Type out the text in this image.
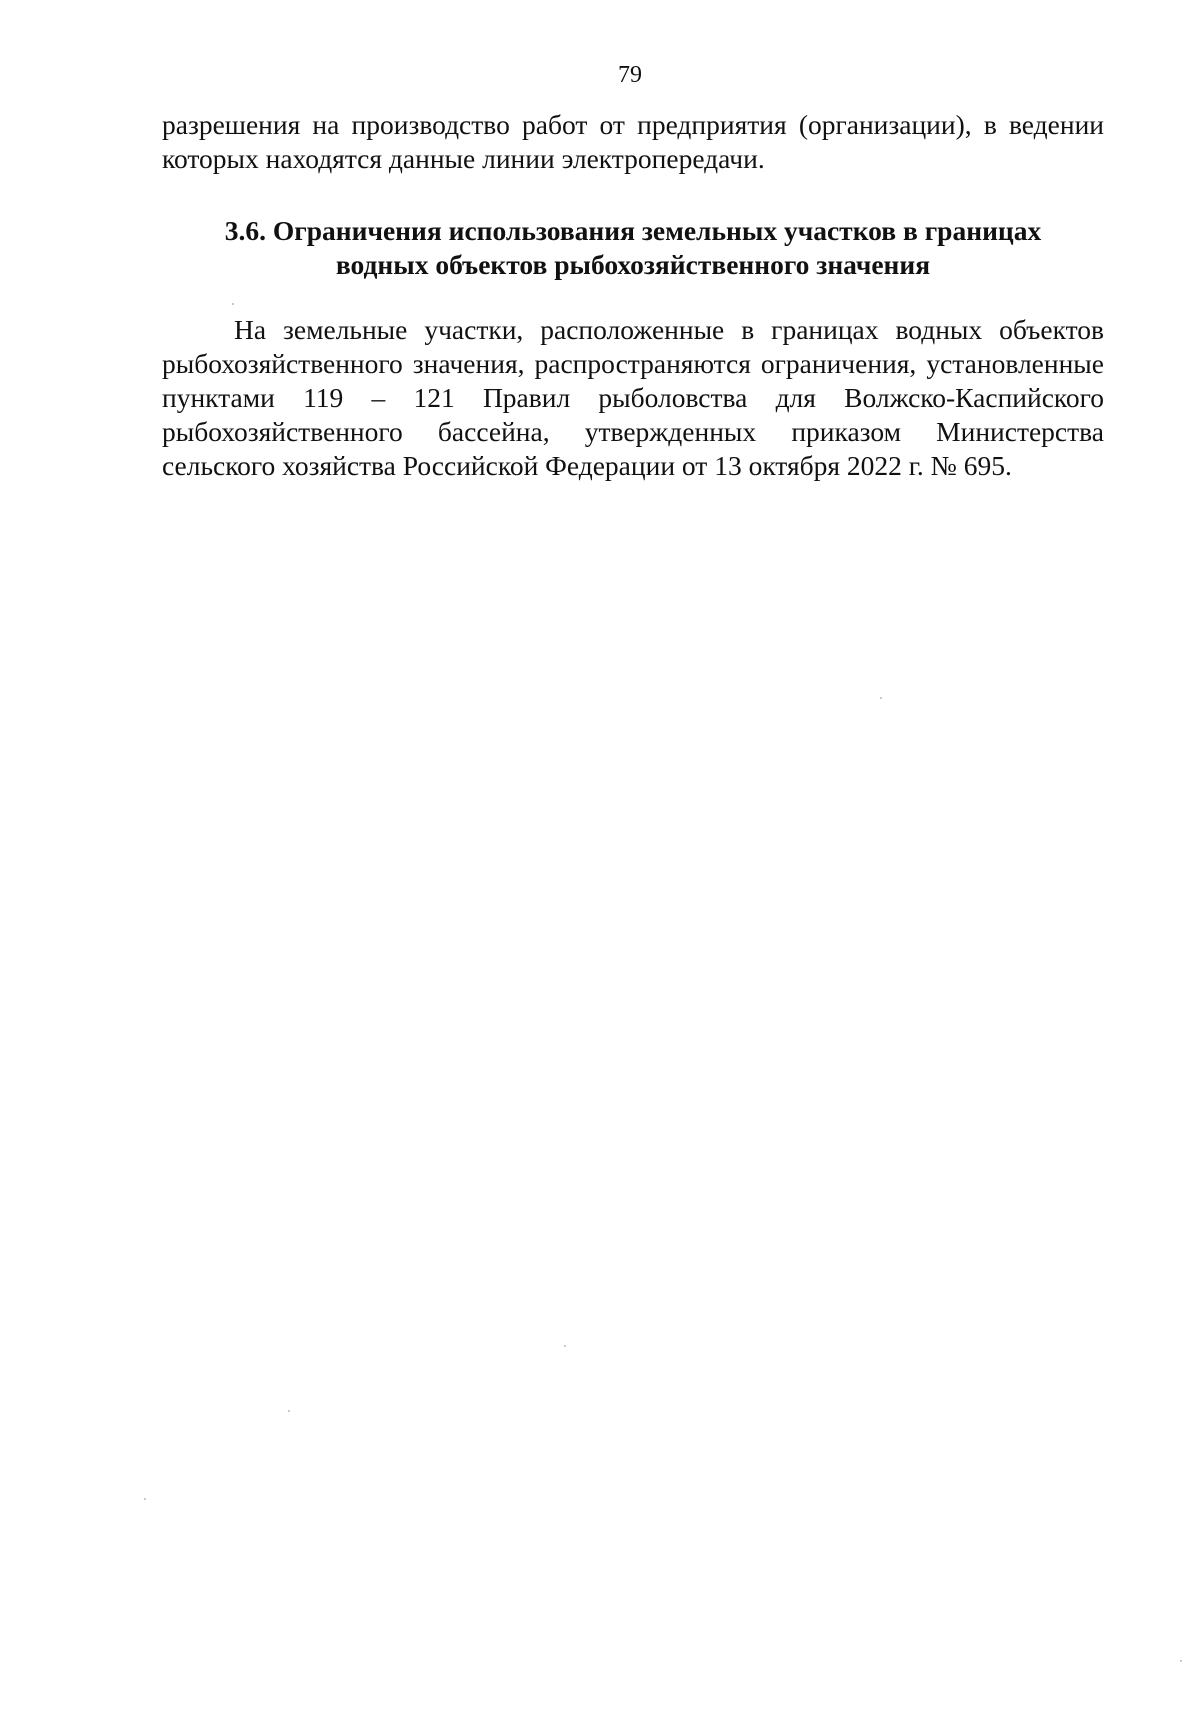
79

разрешения на производство работ от предприятия (организации), в ведении которых находятся данные линии электропередачи.

3.6. Ограничения использования земельных участков в границах
водных объектов рыбохозяйственного значения

На земельные участки, расположенные в границах водных объектов рыбохозяйственного значения, распространяются ограничения, установленные пунктами 119 – 121 Правил рыболовства для Волжско-Каспийского рыбохозяйственного бассейна, утвержденных приказом Министерства сельского хозяйства Российской Федерации от 13 октября 2022 г. № 695.
